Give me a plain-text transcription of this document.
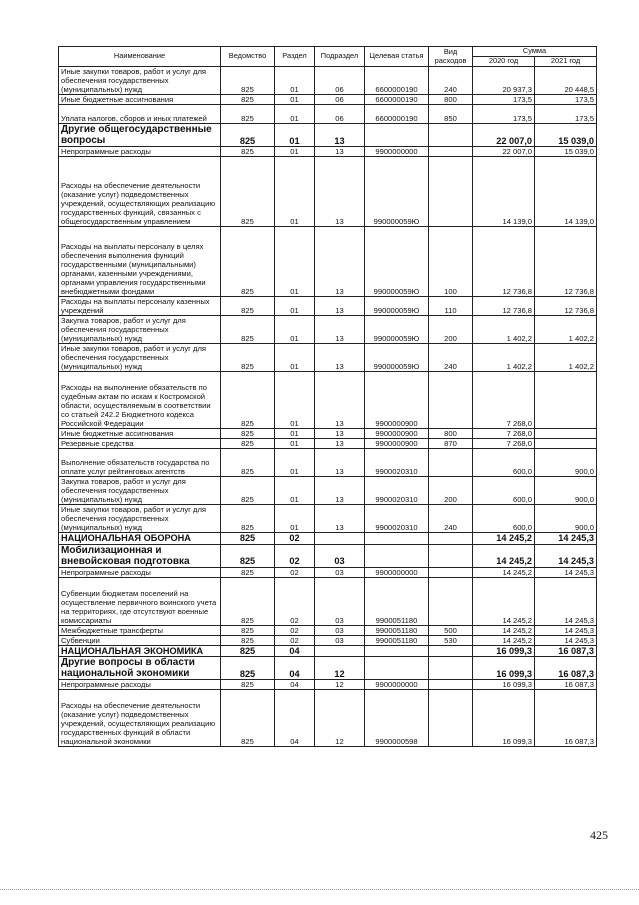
Наименование	Ведомство	Раздел	Подраздел	Целевая статья	Вид расходов	Сумма	
						2020 год	2021 год
Иные закупки товаров, работ и услуг для обеспечения государственных (муниципальных) нужд	825	01	06	6600000190	240	20 937,3	20 448,5
Иные бюджетные ассигнования	825	01	06	6600000190	800	173,5	173,5
Уплата налогов, сборов и иных платежей	825	01	06	6600000190	850	173,5	173,5
Другие общегосударственные вопросы	825	01	13			22 007,0	15 039,0
Непрограммные расходы	825	01	13	9900000000		22 007,0	15 039,0
Расходы на обеспечение деятельности (оказание услуг) подведомственных учреждений, осуществляющих реализацию государственных функций, связанных с общегосударственным управлением	825	01	13	990000059Ю		14 139,0	14 139,0
Расходы на выплаты персоналу в целях обеспечения выполнения функций государственными (муниципальными) органами, казенными учреждениями, органами управления государственными внебюджетными фондами	825	01	13	990000059Ю	100	12 736,8	12 736,8
Расходы на выплаты персоналу казенных учреждений	825	01	13	990000059Ю	110	12 736,8	12 736,8
Закупка товаров, работ и услуг для обеспечения государственных (муниципальных) нужд	825	01	13	990000059Ю	200	1 402,2	1 402,2
Иные закупки товаров, работ и услуг для обеспечения государственных (муниципальных) нужд	825	01	13	990000059Ю	240	1 402,2	1 402,2
Расходы на выполнение обязательств по судебным актам по искам к Костромской области, осуществляемым в соответствии со статьей 242.2 Бюджетного кодекса Российской Федерации	825	01	13	9900000900		7 268,0	
Иные бюджетные ассигнования	825	01	13	9900000900	800	7 268,0	
Резервные средства	825	01	13	9900000900	870	7 268,0	
Выполнение обязательств государства по оплате услуг рейтинговых агентств	825	01	13	9900020310		600,0	900,0
Закупка товаров, работ и услуг для обеспечения государственных (муниципальных) нужд	825	01	13	9900020310	200	600,0	900,0
Иные закупки товаров, работ и услуг для обеспечения государственных (муниципальных) нужд	825	01	13	9900020310	240	600,0	900,0
НАЦИОНАЛЬНАЯ ОБОРОНА	825	02				14 245,2	14 245,3
Мобилизационная и вневойсковая подготовка	825	02	03			14 245,2	14 245,3
Непрограммные расходы	825	02	03	9900000000		14 245,2	14 245,3
Субвенции бюджетам поселений на осуществление первичного воинского учета на территориях, где отсутствуют военные комиссариаты	825	02	03	9900051180		14 245,2	14 245,3
Межбюджетные трансферты	825	02	03	9900051180	500	14 245,2	14 245,3
Субвенции	825	02	03	9900051180	530	14 245,2	14 245,3
НАЦИОНАЛЬНАЯ ЭКОНОМИКА	825	04				16 099,3	16 087,3
Другие вопросы в области национальной экономики	825	04	12			16 099,3	16 087,3
Непрограммные расходы	825	04	12	9900000000		16 099,3	16 087,3
Расходы на обеспечение деятельности (оказание услуг) подведомственных учреждений, осуществляющих реализацию государственных функций в области национальной экономики	825	04	12	9900000598		16 099,3	16 087,3
425
